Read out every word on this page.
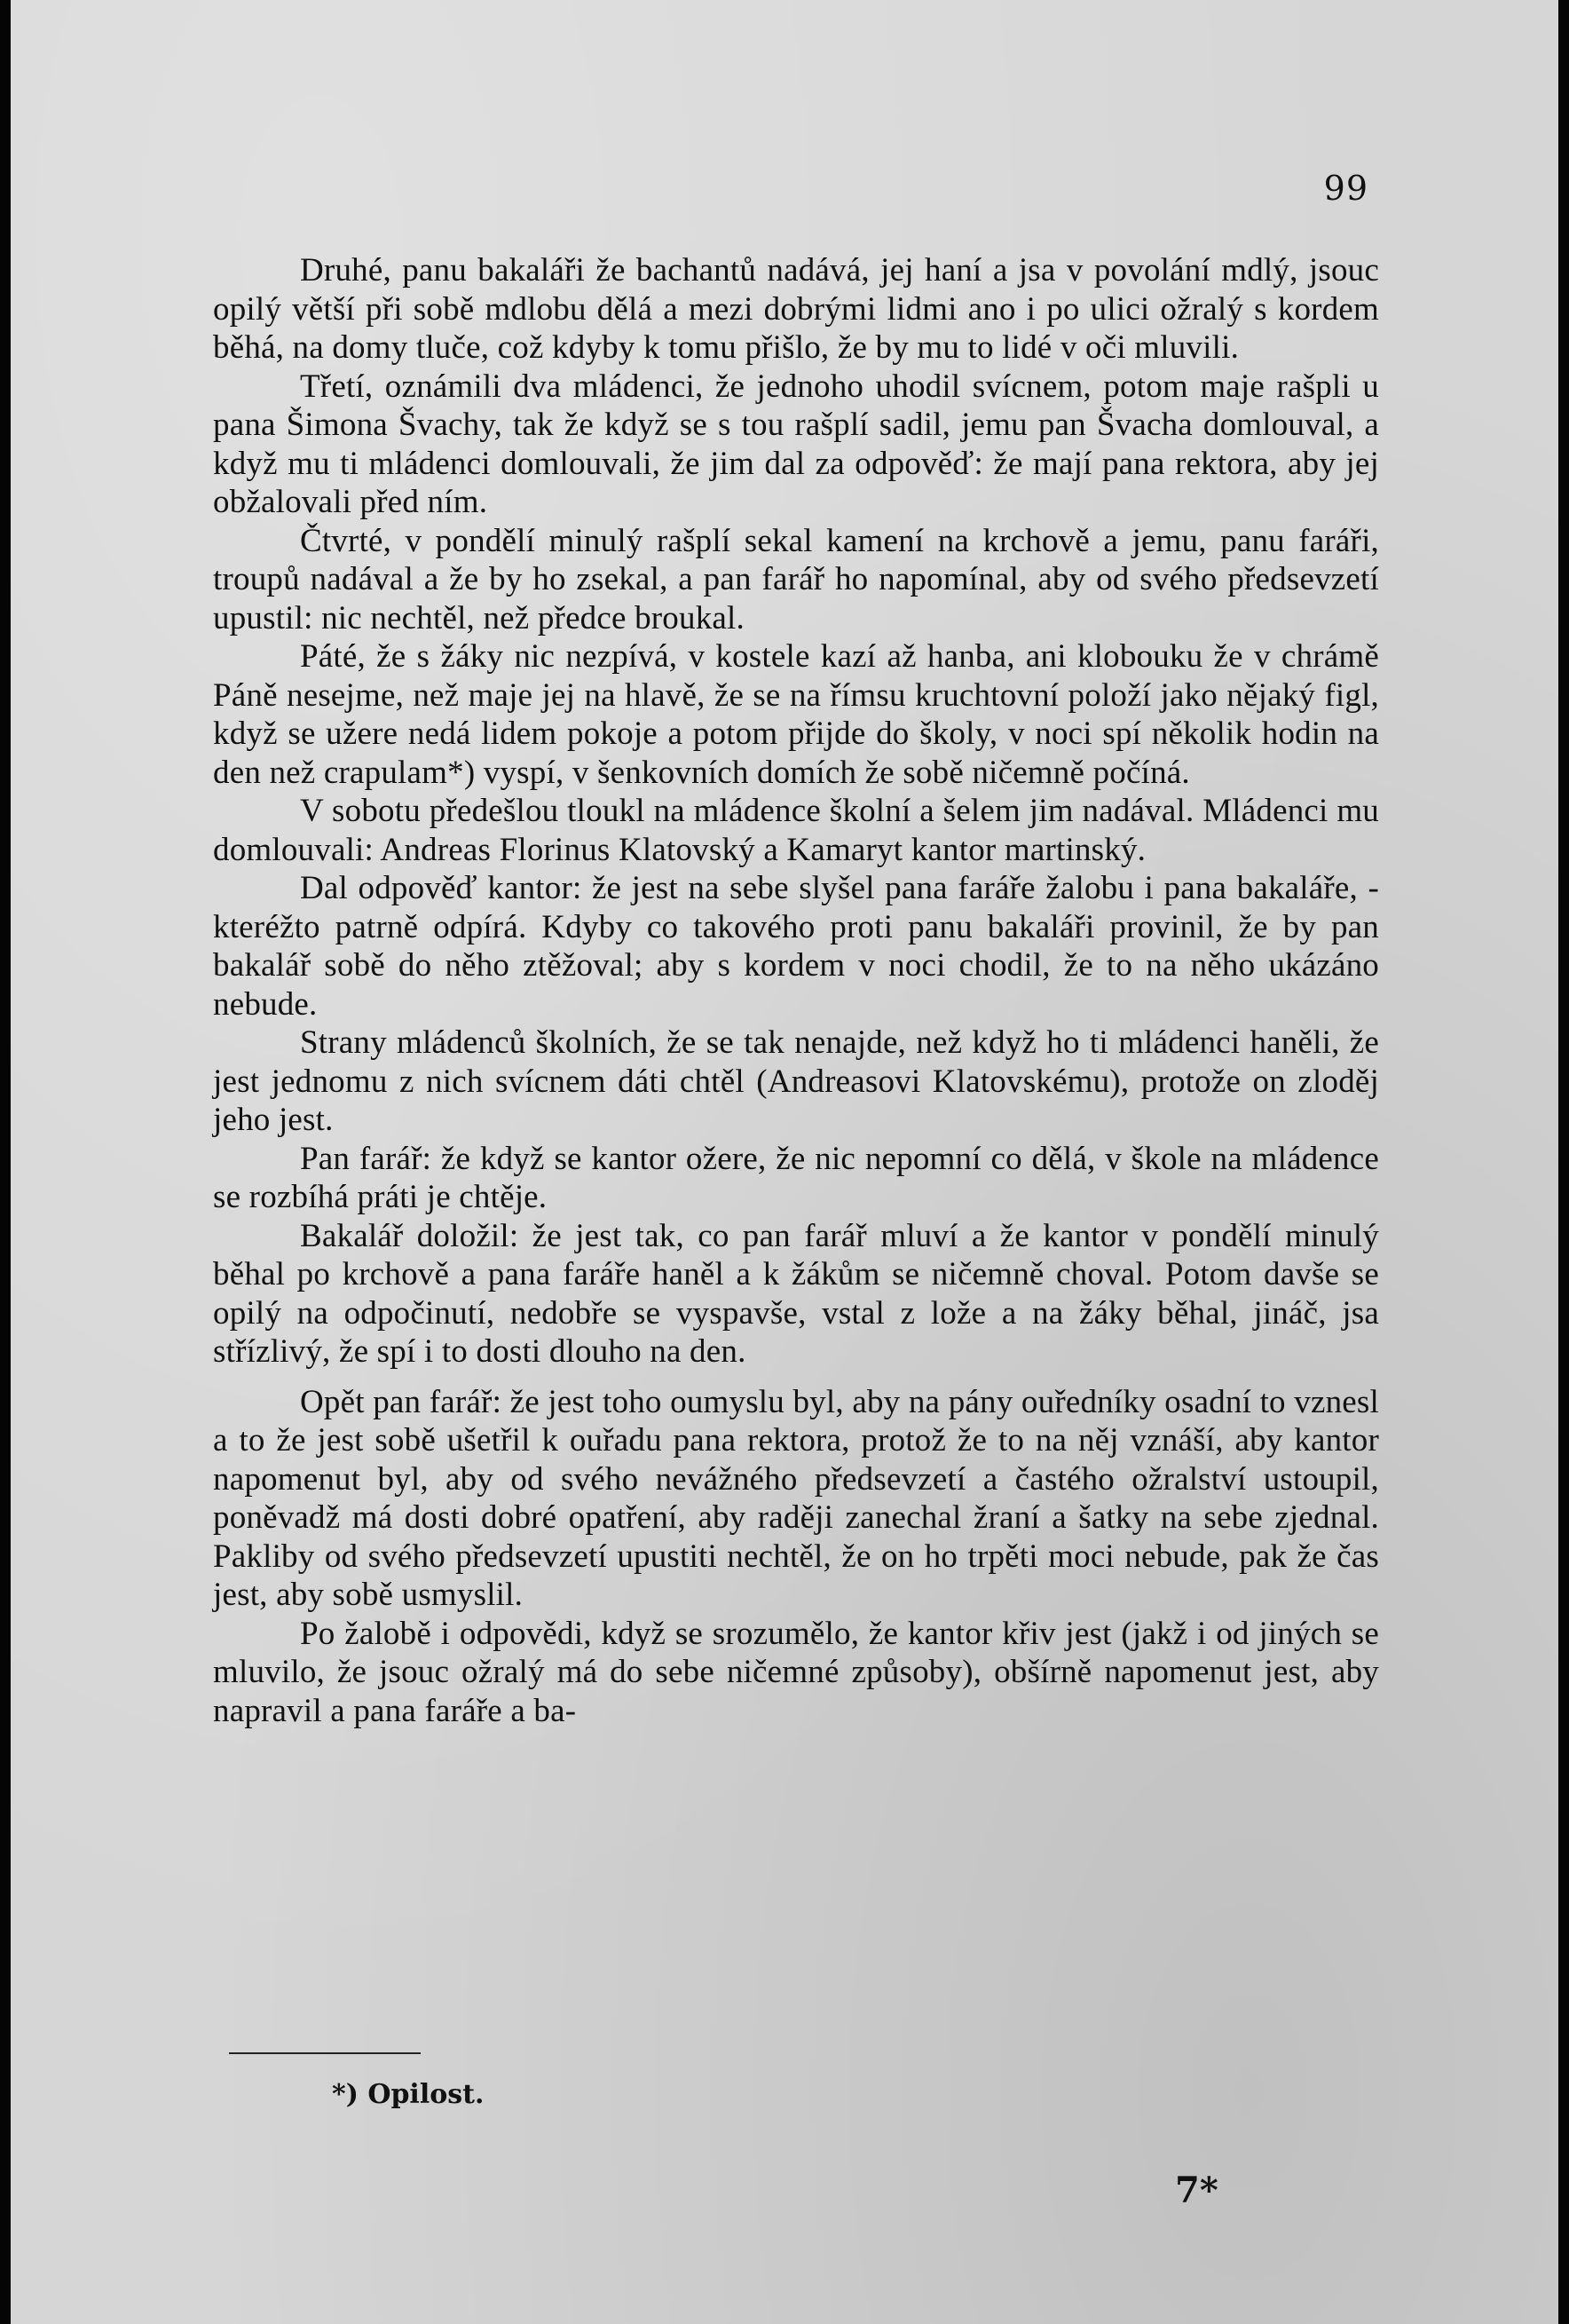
99

Druhé, panu bakaláři že bachantů nadává, jej haní a jsa v povolání mdlý, jsouc opilý větší při sobě mdlobu dělá a mezi dobrými lidmi ano i po ulici ožralý s kordem běhá, na domy tluče, což kdyby k tomu přišlo, že by mu to lidé v oči mluvili.

Třetí, oznámili dva mládenci, že jednoho uhodil svícnem, potom maje rašpli u pana Šimona Švachy, tak že když se s tou rašplí sadil, jemu pan Švacha domlouval, a když mu ti mládenci domlouvali, že jim dal za odpověď: že mají pana rektora, aby jej obžalovali před ním.

Čtvrté, v pondělí minulý rašplí sekal kamení na krchově a jemu, panu faráři, troupů nadával a že by ho zsekal, a pan farář ho napomínal, aby od svého předsevzetí upustil: nic nechtěl, než předce broukal.

Páté, že s žáky nic nezpívá, v kostele kazí až hanba, ani klobouku že v chrámě Páně nesejme, než maje jej na hlavě, že se na římsu kruchtovní položí jako nějaký figl, když se užere nedá lidem pokoje a potom přijde do školy, v noci spí několik hodin na den než crapulam*) vyspí, v šenkovních domích že sobě ničemně počíná.

V sobotu předešlou tloukl na mládence školní a šelem jim nadával. Mládenci mu domlouvali: Andreas Florinus Klatovský a Kamaryt kantor martinský.

Dal odpověď kantor: že jest na sebe slyšel pana faráře žalobu i pana bakaláře, -kteréžto patrně odpírá. Kdyby co takového proti panu bakaláři provinil, že by pan bakalář sobě do něho ztěžoval; aby s kordem v noci chodil, že to na něho ukázáno nebude.

Strany mládenců školních, že se tak nenajde, než když ho ti mládenci haněli, že jest jednomu z nich svícnem dáti chtěl (Andreasovi Klatovskému), protože on zloděj jeho jest.

Pan farář: že když se kantor ožere, že nic nepomní co dělá, v škole na mládence se rozbíhá práti je chtěje.

Bakalář doložil: že jest tak, co pan farář mluví a že kantor v pondělí minulý běhal po krchově a pana faráře haněl a k žákům se ničemně choval. Potom davše se opilý na odpočinutí, nedobře se vyspavše, vstal z lože a na žáky běhal, jináč, jsa střízlivý, že spí i to dosti dlouho na den.

Opět pan farář: že jest toho oumyslu byl, aby na pány ouředníky osadní to vznesl a to že jest sobě ušetřil k ouřadu pana rektora, protož že to na něj vznáší, aby kantor napomenut byl, aby od svého nevážného předsevzetí a častého ožralství ustoupil, poněvadž má dosti dobré opatření, aby raději zanechal žraní a šatky na sebe zjednal. Pakliby od svého předsevzetí upustiti nechtěl, že on ho trpěti moci nebude, pak že čas jest, aby sobě usmyslil.

Po žalobě i odpovědi, když se srozumělo, že kantor křiv jest (jakž i od jiných se mluvilo, že jsouc ožralý má do sebe ničemné způsoby), obšírně napomenut jest, aby napravil a pana faráře a ba-

*) Opilost.
7*
